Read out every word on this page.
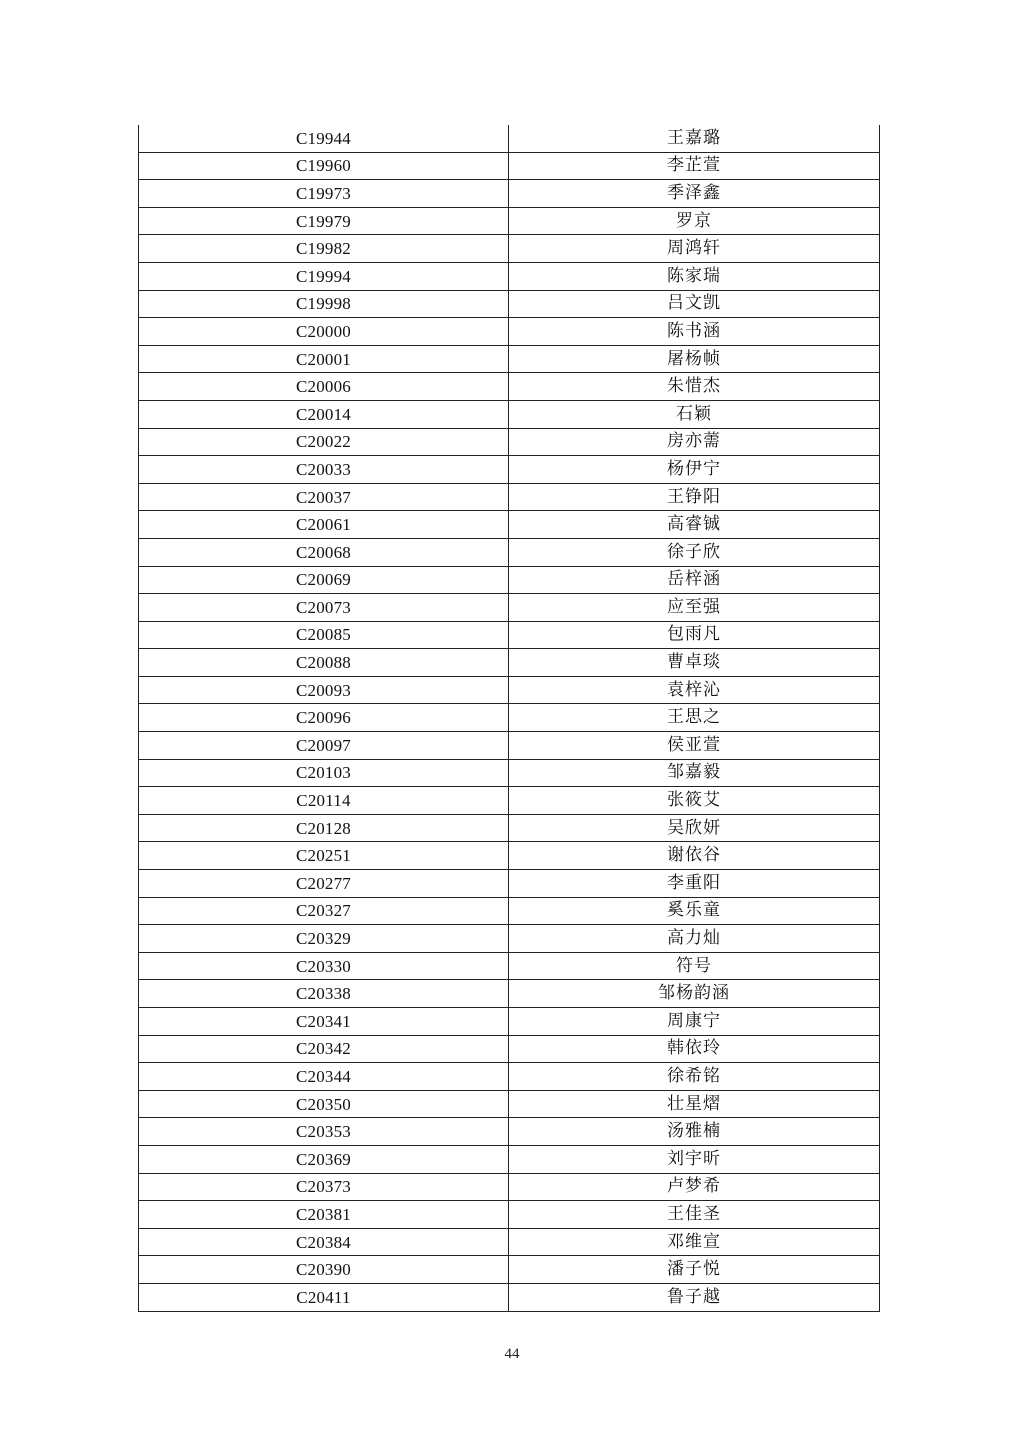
C19944	王嘉璐
C19960	李芷萱
C19973	季泽鑫
C19979	罗京
C19982	周鸿轩
C19994	陈家瑞
C19998	吕文凯
C20000	陈书涵
C20001	屠杨帧
C20006	朱惜杰
C20014	石颖
C20022	房亦薷
C20033	杨伊宁
C20037	王铮阳
C20061	高睿铖
C20068	徐子欣
C20069	岳梓涵
C20073	应至强
C20085	包雨凡
C20088	曹卓琰
C20093	袁梓沁
C20096	王思之
C20097	侯亚萱
C20103	邹嘉毅
C20114	张筱艾
C20128	吴欣妍
C20251	谢依谷
C20277	李重阳
C20327	奚乐童
C20329	高力灿
C20330	符号
C20338	邹杨韵涵
C20341	周康宁
C20342	韩依玲
C20344	徐希铭
C20350	壮星熠
C20353	汤雅楠
C20369	刘宇昕
C20373	卢梦希
C20381	王佳圣
C20384	邓维宣
C20390	潘子悦
C20411	鲁子越
44
